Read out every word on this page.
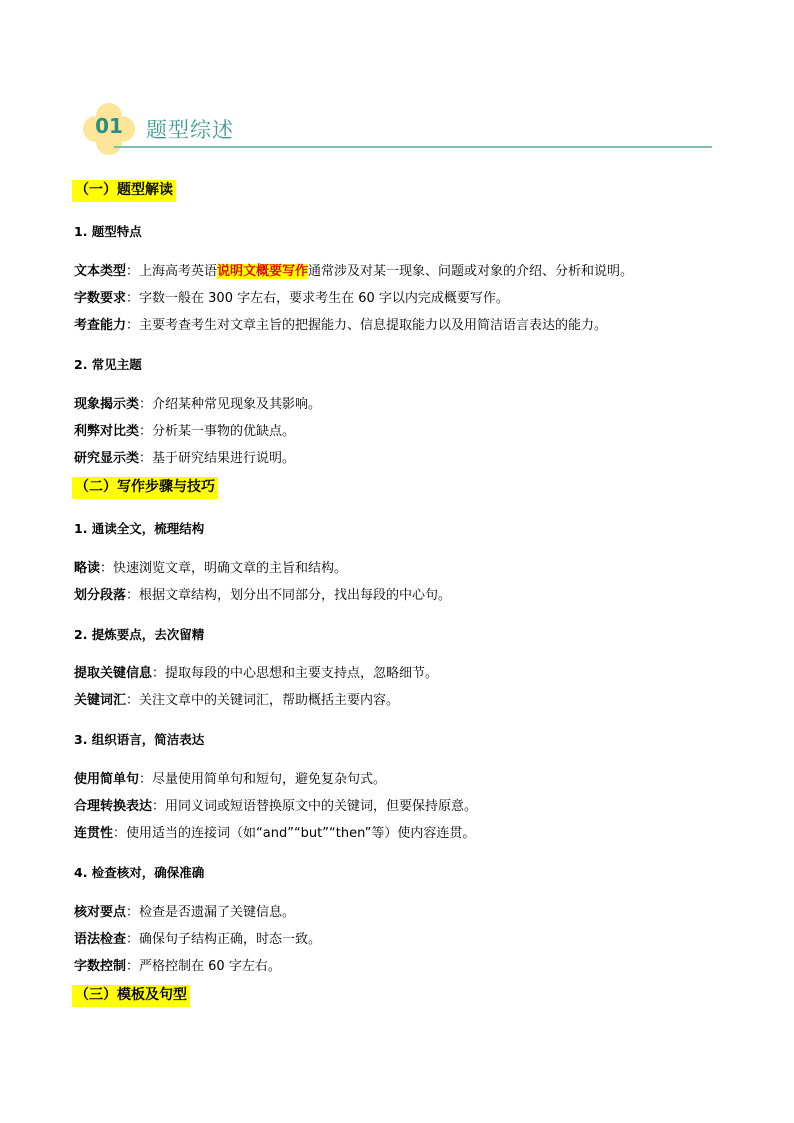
01	题型综述
（一）题型解读
1. 题型特点
文本类型：上海高考英语说明文概要写作通常涉及对某一现象、问题或对象的介绍、分析和说明。
字数要求：字数一般在 300 字左右，要求考生在 60 字以内完成概要写作。
考查能力：主要考查考生对文章主旨的把握能力、信息提取能力以及用简洁语言表达的能力。
2. 常见主题
现象揭示类：介绍某种常见现象及其影响。
利弊对比类：分析某一事物的优缺点。
研究显示类：基于研究结果进行说明。
（二）写作步骤与技巧
1. 通读全文，梳理结构
略读：快速浏览文章，明确文章的主旨和结构。
划分段落：根据文章结构，划分出不同部分，找出每段的中心句。
2. 提炼要点，去次留精
提取关键信息：提取每段的中心思想和主要支持点，忽略细节。
关键词汇：关注文章中的关键词汇，帮助概括主要内容。
3. 组织语言，简洁表达
使用简单句：尽量使用简单句和短句，避免复杂句式。
合理转换表达：用同义词或短语替换原文中的关键词，但要保持原意。
连贯性：使用适当的连接词（如“and”“but”“then”等）使内容连贯。
4. 检查核对，确保准确
核对要点：检查是否遗漏了关键信息。
语法检查：确保句子结构正确，时态一致。
字数控制：严格控制在 60 字左右。
（三）模板及句型
